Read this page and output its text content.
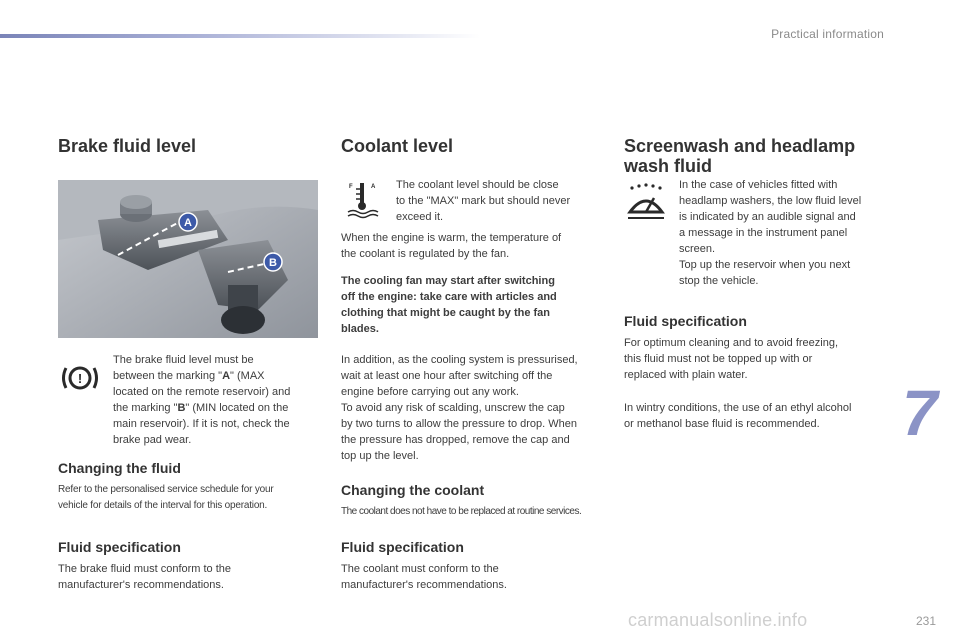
Practical information
Brake fluid level
A
B
!
The brake fluid level must be
between the marking "A" (MAX
located on the remote reservoir) and
the marking "B" (MIN located on the
main reservoir). If it is not, check the
brake pad wear.
Changing the fluid
Refer to the personalised service schedule for your
vehicle for details of the interval for this operation.
Fluid specification
The brake fluid must conform to the
manufacturer's recommendations.
Coolant level
F	A The coolant level should be close
to the "MAX" mark but should never
exceed it.
When the engine is warm, the temperature of
the coolant is regulated by the fan.
The cooling fan may start after switching
off the engine: take care with articles and
clothing that might be caught by the fan
blades.
In addition, as the cooling system is pressurised,
wait at least one hour after switching off the
engine before carrying out any work.
To avoid any risk of scalding, unscrew the cap
by two turns to allow the pressure to drop. When
the pressure has dropped, remove the cap and
top up the level.
Changing the coolant
The coolant does not have to be replaced at routine services.
Fluid specification
The coolant must conform to the
manufacturer's recommendations.
Screenwash and headlamp
wash fluid
In the case of vehicles fitted with
headlamp washers, the low fluid level
is indicated by an audible signal and
a message in the instrument panel
screen.
Top up the reservoir when you next
stop the vehicle.
Fluid specification
For optimum cleaning and to avoid freezing,
this fluid must not be topped up with or
replaced with plain water.
In wintry conditions, the use of an ethyl alcohol
or methanol base fluid is recommended.	7
carmanualsonline.info	231
